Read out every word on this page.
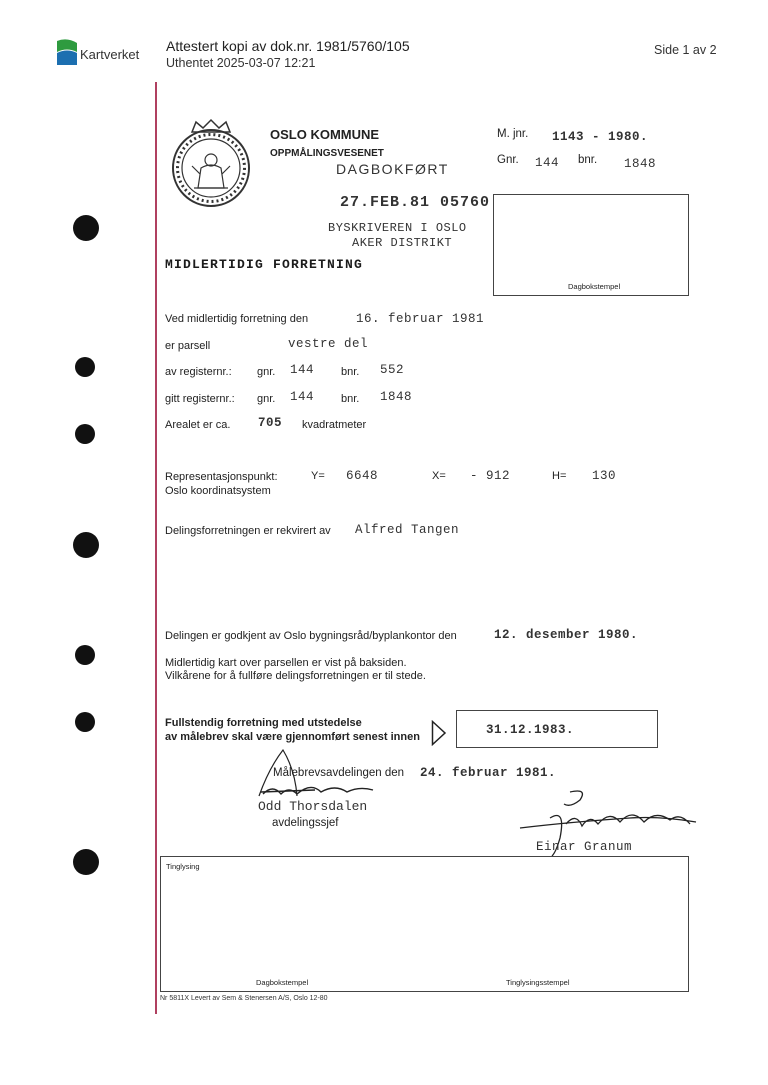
Kartverket
Attestert kopi av dok.nr. 1981/5760/105
Uthentet 2025-03-07 12:21
Side 1 av 2
OSLO KOMMUNE
OPPMÅLINGSVESENET
DAGBOKFØRT
M. jnr. 1143 - 1980.
Gnr. 144 bnr. 1848
27.FEB.81 05760
BYSKRIVEREN I OSLO
AKER DISTRIKT
Dagbokstempel
MIDLERTIDIG FORRETNING
Ved midlertidig forretning den	16. februar 1981
er parsell	vestre del
av registernr.: gnr. 144 bnr. 552
gitt registernr.: gnr. 144 bnr. 1848
Arealet er ca. 705 kvadratmeter
Representasjonspunkt:
Oslo koordinatsystem
Y= 6648	X= - 912	H= 130
Delingsforretningen er rekvirert av Alfred Tangen
Delingen er godkjent av Oslo bygningsråd/byplankontor den	12. desember 1980.
Midlertidig kart over parsellen er vist på baksiden.
Vilkårene for å fullføre delingsforretningen er til stede.
Fullstendig forretning med utstedelse
av målebrev skal være gjennomført senest innen	31.12.1983.
Målebrevsavdelingen den 24. februar 1981.
Odd Thorsdalen
avdelingssjef
Einar Granum
Tinglysing
Dagbokstempel	Tinglysingsstempel
Nr 5811X Levert av Sem & Stenersen A/S, Oslo 12-80
